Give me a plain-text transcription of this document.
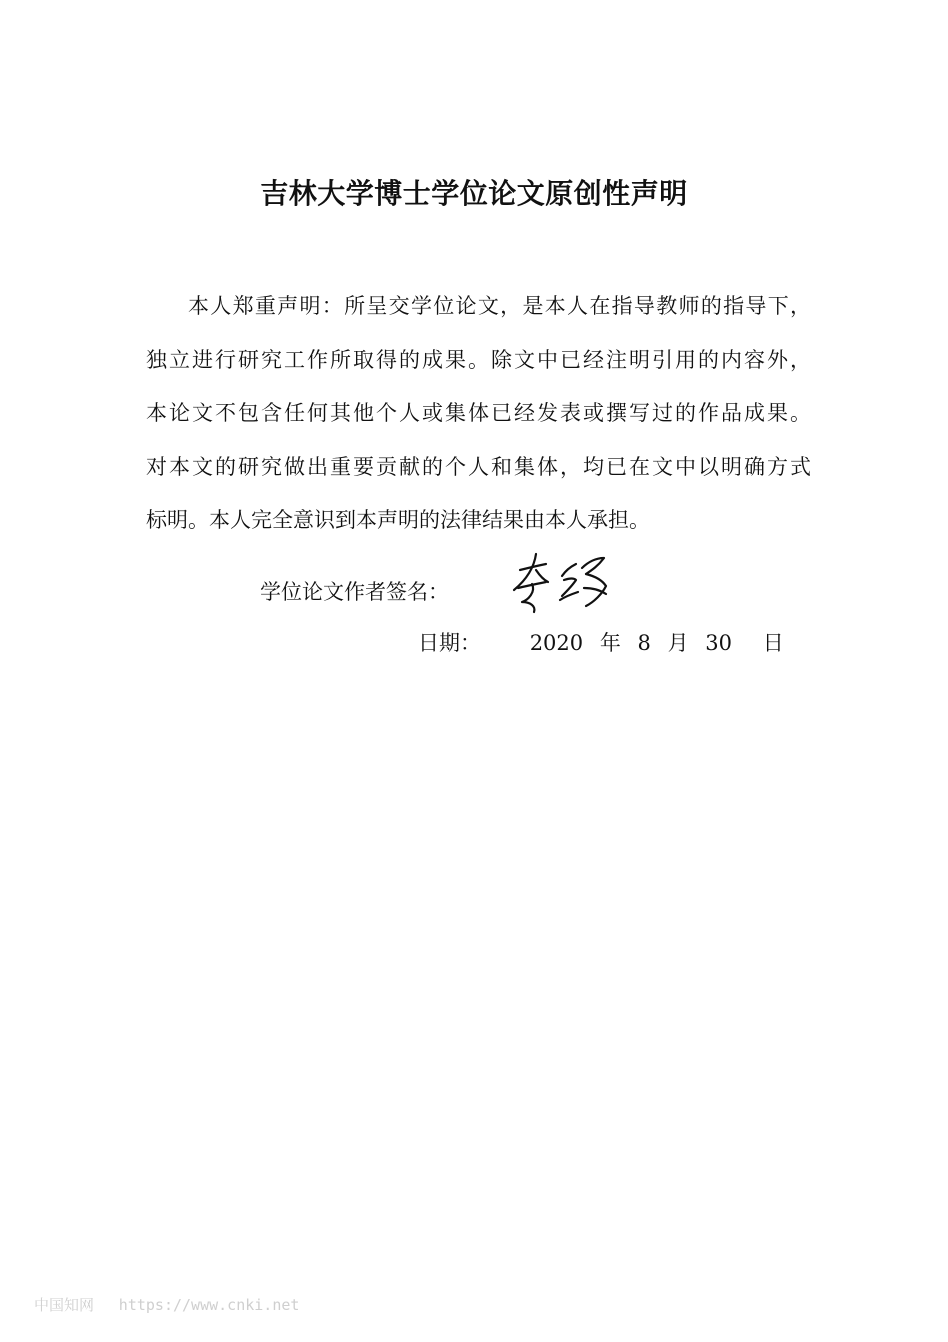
吉林大学博士学位论文原创性声明
本人郑重声明：所呈交学位论文，是本人在指导教师的指导下，
独立进行研究工作所取得的成果。除文中已经注明引用的内容外，
本论文不包含任何其他个人或集体已经发表或撰写过的作品成果。
对本文的研究做出重要贡献的个人和集体，均已在文中以明确方式
标明。本人完全意识到本声明的法律结果由本人承担。
学位论文作者签名：
日期： 2020 年 8 月 30 日
中国知网 https://www.cnki.net
